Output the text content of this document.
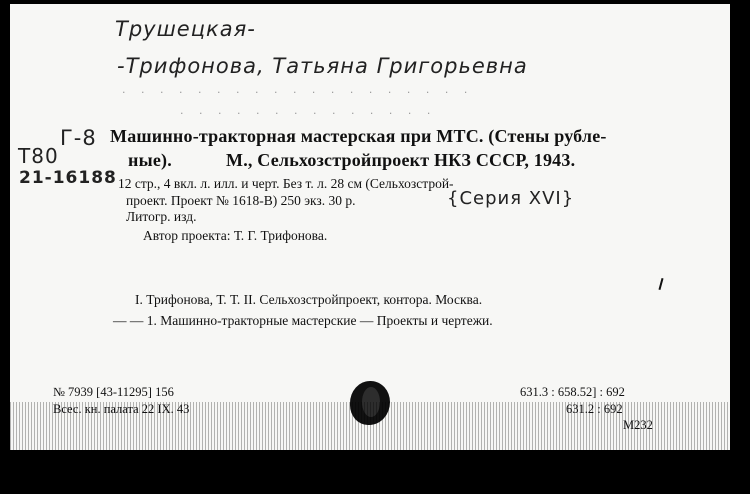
Трушецкая-
-Трифонова, Татьяна Григорьевна
· · · · · · · · · · · · · · · · · · ·
· · · · · · · · · · · · · ·
Т80
Г-8
21-16188
Машинно-тракторная мастерская при МТС. (Стены рубле-
ные).	М., Сельхозстройпроект НКЗ СССР, 1943.
12 стр., 4 вкл. л. илл. и черт. Без т. л. 28 см (Сельхозстрой-
проект. Проект № 1618-В) 250 экз. 30 р.	{Серия XVI}
Литогр. изд.
Автор проекта: Т. Г. Трифонова.
I. Трифонова, Т. Т. II. Сельхозстройпроект, контора. Москва.
— — 1. Машинно-тракторные мастерские — Проекты и чертежи.
№ 7939 [43-11295] 156
Всес. кн. палата 22 IX. 43
631.3 : 658.52] : 692
631.2 : 692
М232
